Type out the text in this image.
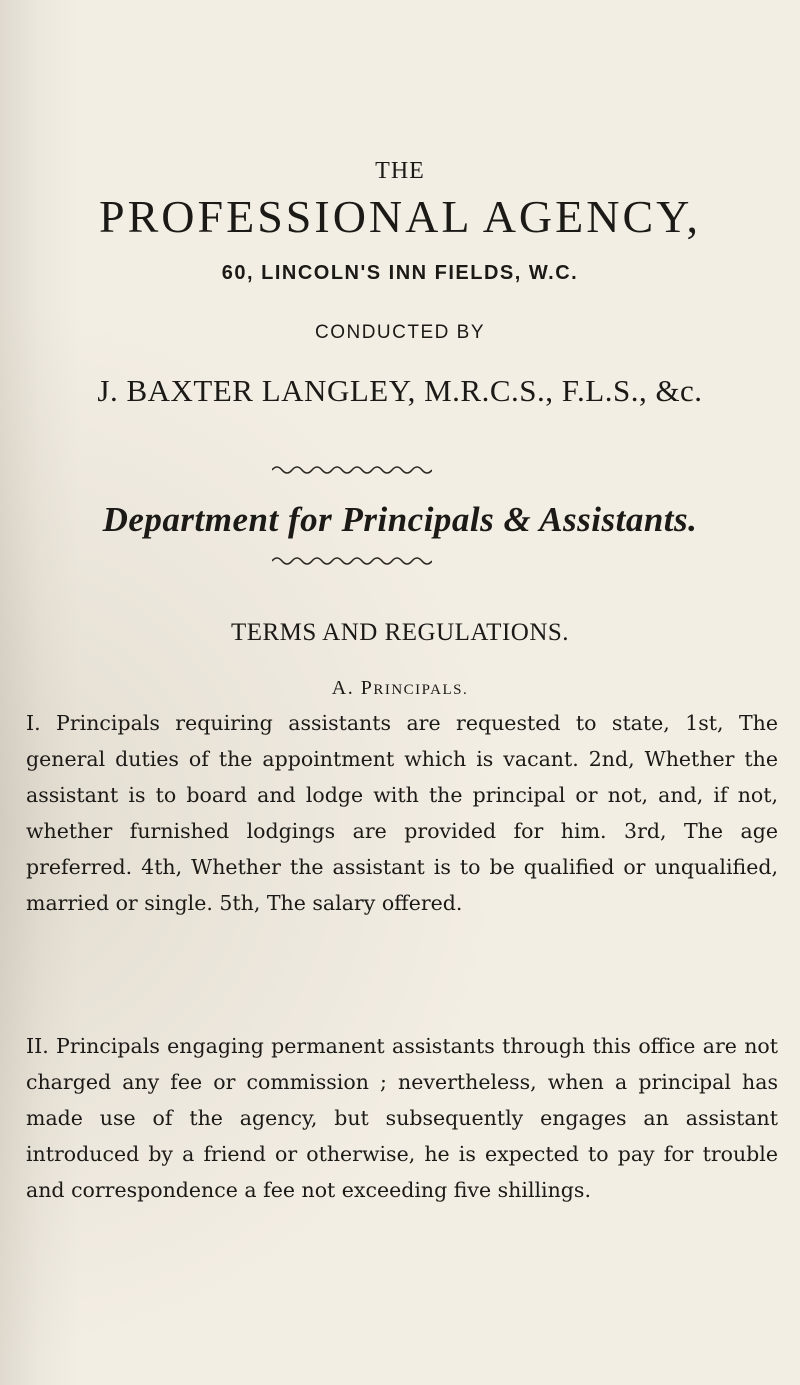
THE
PROFESSIONAL AGENCY,
60, LINCOLN'S INN FIELDS, W.C.
CONDUCTED BY
J. BAXTER LANGLEY, M.R.C.S., F.L.S., &c.
Department for Principals & Assistants.
TERMS AND REGULATIONS.
A. PRINCIPALS.

I. Principals requiring assistants are requested to state, 1st, The general duties of the appointment which is vacant. 2nd, Whether the assistant is to board and lodge with the principal or not, and, if not, whether furnished lodgings are provided for him. 3rd, The age preferred. 4th, Whether the assistant is to be qualified or unqualified, married or single. 5th, The salary offered.

II. Principals engaging permanent assistants through this office are not charged any fee or commission ; nevertheless, when a principal has made use of the agency, but subsequently engages an assistant introduced by a friend or otherwise, he is expected to pay for trouble and correspondence a fee not exceeding five shillings.
